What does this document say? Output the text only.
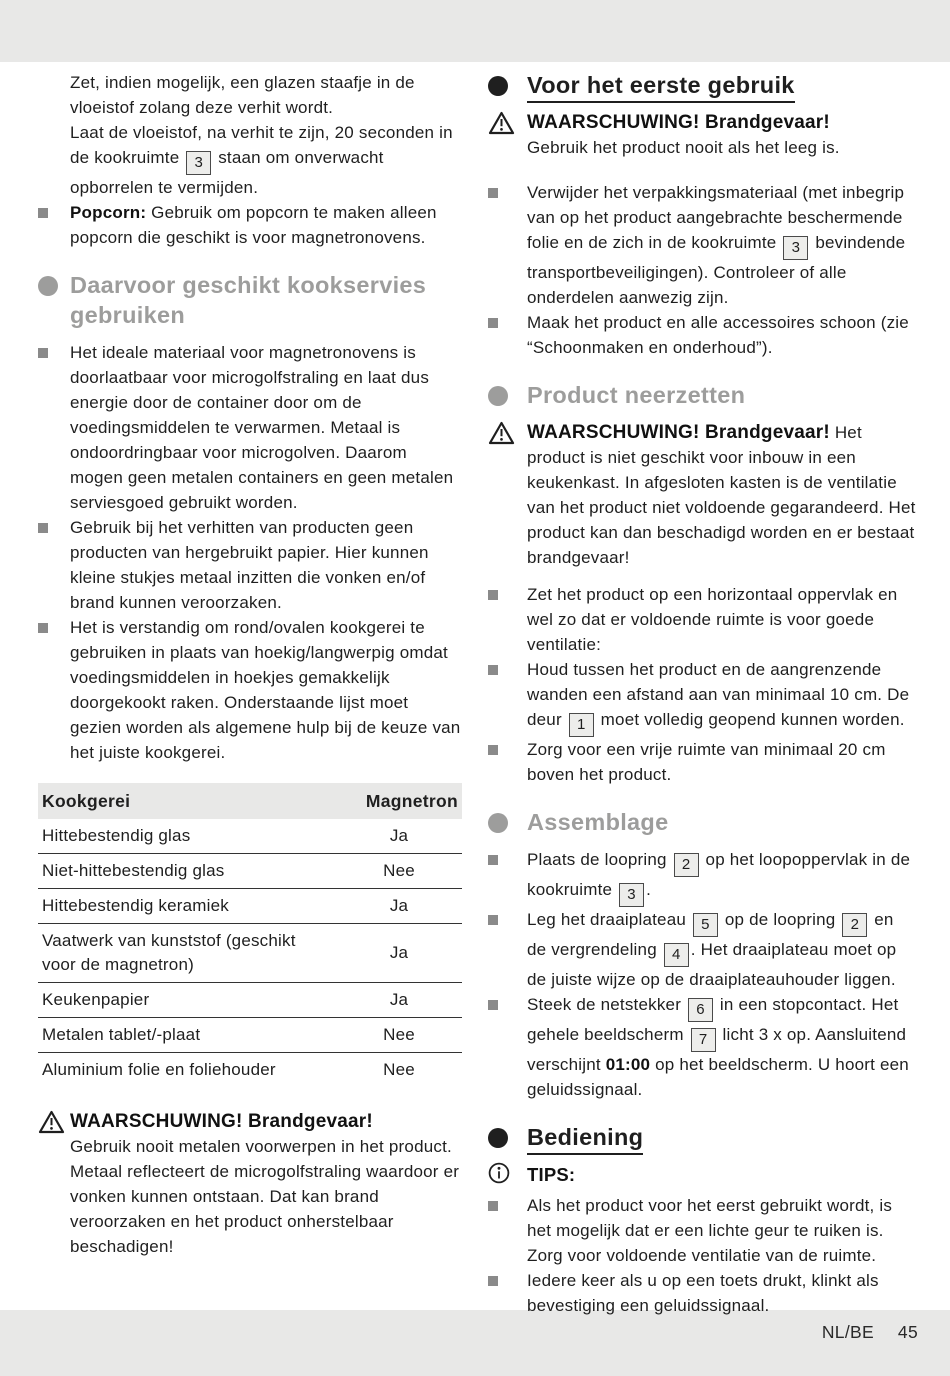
Zet, indien mogelijk, een glazen staafje in de vloeistof zolang deze verhit wordt.
Laat de vloeistof, na verhit te zijn, 20 seconden in de kookruimte 3 staan om onverwacht opborrelen te vermijden.
Popcorn: Gebruik om popcorn te maken alleen popcorn die geschikt is voor magnetronovens.
Daarvoor geschikt kookservies gebruiken
Het ideale materiaal voor magnetronovens is doorlaatbaar voor microgolfstraling en laat dus energie door de container door om de voedingsmiddelen te verwarmen. Metaal is ondoordringbaar voor microgolven. Daarom mogen geen metalen containers en geen metalen serviesgoed gebruikt worden.
Gebruik bij het verhitten van producten geen producten van hergebruikt papier. Hier kunnen kleine stukjes metaal inzitten die vonken en/of brand kunnen veroorzaken.
Het is verstandig om rond/ovalen kookgerei te gebruiken in plaats van hoekig/langwerpig omdat voedingsmiddelen in hoekjes gemakkelijk doorgekookt raken. Onderstaande lijst moet gezien worden als algemene hulp bij de keuze van het juiste kookgerei.
Kookgerei	Magnetron
Hittebestendig glas	Ja
Niet-hittebestendig glas	Nee
Hittebestendig keramiek	Ja
Vaatwerk van kunststof (geschikt voor de magnetron)	Ja
Keukenpapier	Ja
Metalen tablet/-plaat	Nee
Aluminium folie en foliehouder	Nee
WAARSCHUWING! Brandgevaar!
Gebruik nooit metalen voorwerpen in het product. Metaal reflecteert de microgolfstraling waardoor er vonken kunnen ontstaan. Dat kan brand veroorzaken en het product onherstelbaar beschadigen!
Voor het eerste gebruik
WAARSCHUWING! Brandgevaar!
Gebruik het product nooit als het leeg is.
Verwijder het verpakkingsmateriaal (met inbegrip van op het product aangebrachte beschermende folie en de zich in de kookruimte 3 bevindende transportbeveiligingen). Controleer of alle onderdelen aanwezig zijn.
Maak het product en alle accessoires schoon (zie “Schoonmaken en onderhoud”).
Product neerzetten
WAARSCHUWING! Brandgevaar! Het product is niet geschikt voor inbouw in een keukenkast. In afgesloten kasten is de ventilatie van het product niet voldoende gegarandeerd. Het product kan dan beschadigd worden en er bestaat brandgevaar!
Zet het product op een horizontaal oppervlak en wel zo dat er voldoende ruimte is voor goede ventilatie:
Houd tussen het product en de aangrenzende wanden een afstand aan van minimaal 10 cm. De deur 1 moet volledig geopend kunnen worden.
Zorg voor een vrije ruimte van minimaal 20 cm boven het product.
Assemblage
Plaats de loopring 2 op het loopoppervlak in de kookruimte 3 .
Leg het draaiplateau 5 op de loopring 2 en de vergrendeling 4 . Het draaiplateau moet op de juiste wijze op de draaiplateauhouder liggen.
Steek de netstekker 6 in een stopcontact. Het gehele beeldscherm 7 licht 3 x op. Aansluitend verschijnt 01:00 op het beeldscherm. U hoort een geluidssignaal.
Bediening
TIPS:
Als het product voor het eerst gebruikt wordt, is het mogelijk dat er een lichte geur te ruiken is. Zorg voor voldoende ventilatie van de ruimte.
Iedere keer als u op een toets drukt, klinkt als bevestiging een geluidssignaal.
NL/BE 45
